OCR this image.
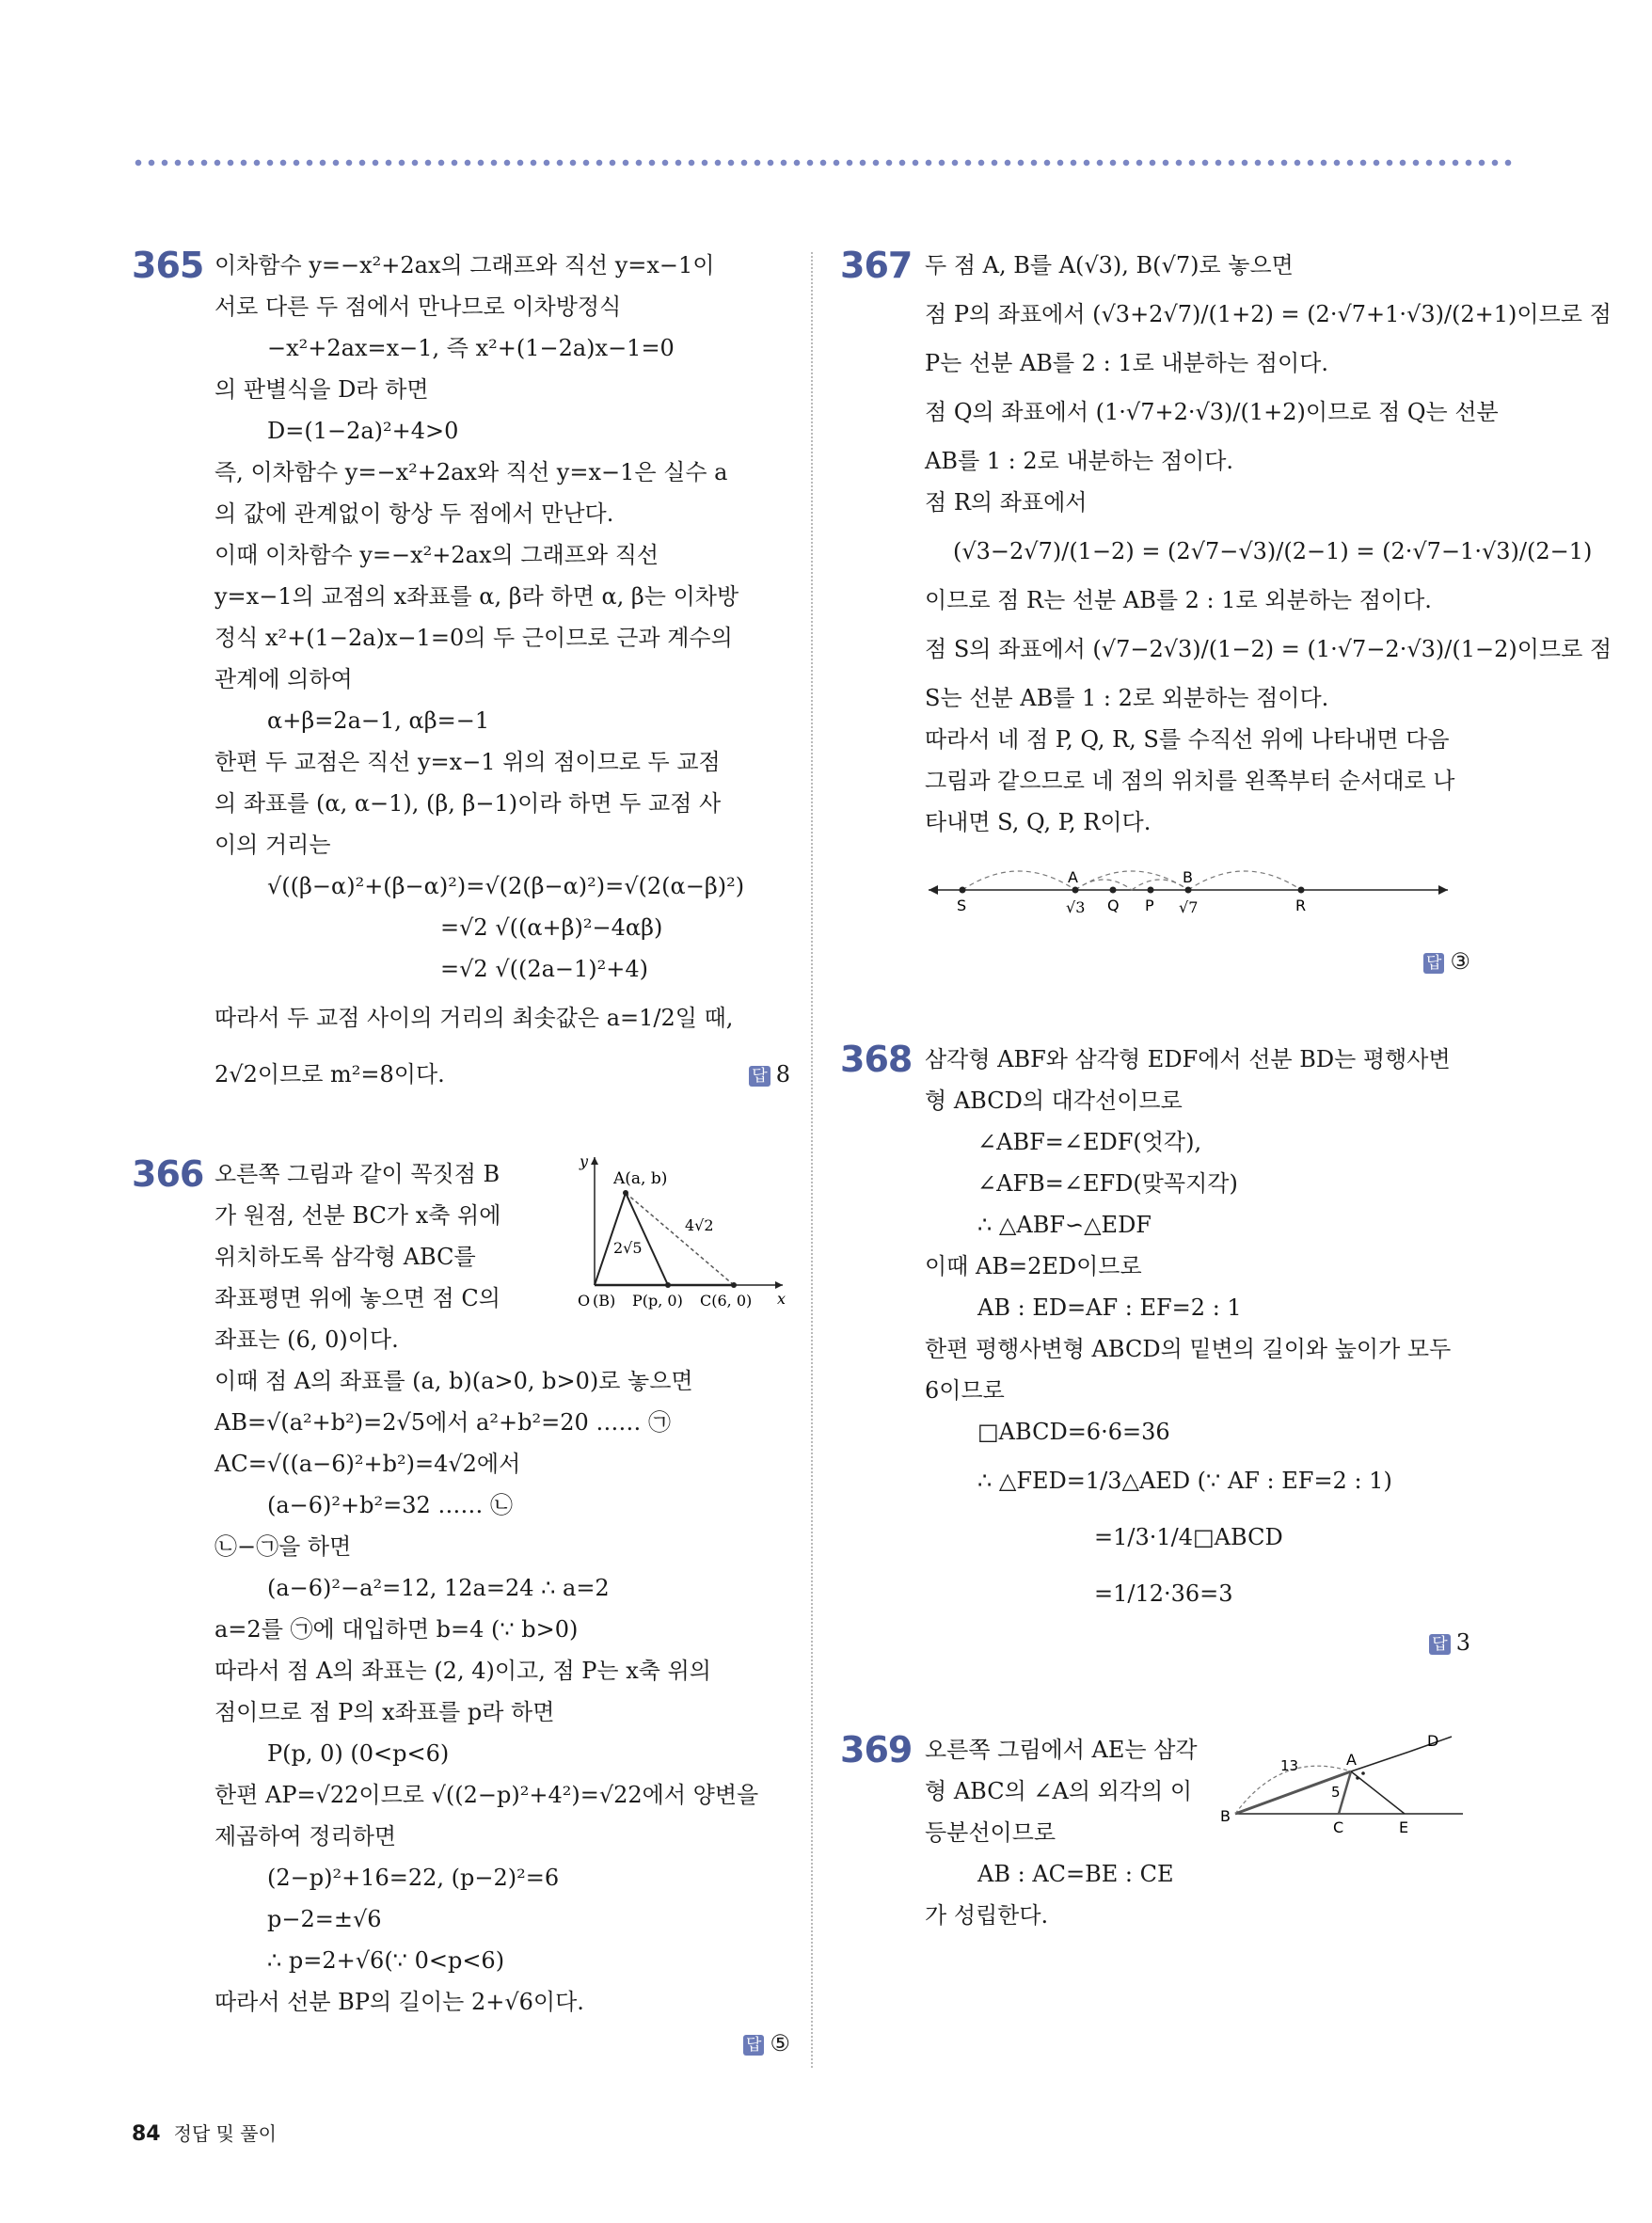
365 이차함수 y=−x²+2ax의 그래프와 직선 y=x−1이
서로 다른 두 점에서 만나므로 이차방정식
−x²+2ax=x−1, 즉 x²+(1−2a)x−1=0
의 판별식을 D라 하면
D=(1−2a)²+4>0
즉, 이차함수 y=−x²+2ax와 직선 y=x−1은 실수 a
의 값에 관계없이 항상 두 점에서 만난다.
이때 이차함수 y=−x²+2ax의 그래프와 직선
y=x−1의 교점의 x좌표를 α, β라 하면 α, β는 이차방
정식 x²+(1−2a)x−1=0의 두 근이므로 근과 계수의
관계에 의하여
α+β=2a−1, αβ=−1
한편 두 교점은 직선 y=x−1 위의 점이므로 두 교점
의 좌표를 (α, α−1), (β, β−1)이라 하면 두 교점 사
이의 거리는
√((β−α)²+(β−α)²)=√(2(β−α)²)=√(2(α−β)²)
=√2 √((α+β)²−4αβ)
=√2 √((2a−1)²+4)
따라서 두 교점 사이의 거리의 최솟값은 a=1/2일 때,
2√2이므로 m²=8이다.	답 8
366	y
x
A(a, b)
4√2
2√5
O (B) P(p, 0) C(6, 0)
오른쪽 그림과 같이 꼭짓점 B
가 원점, 선분 BC가 x축 위에
위치하도록 삼각형 ABC를
좌표평면 위에 놓으면 점 C의
좌표는 (6, 0)이다.
이때 점 A의 좌표를 (a, b)(a>0, b>0)로 놓으면
AB=√(a²+b²)=2√5에서 a²+b²=20 …… ㉠
AC=√((a−6)²+b²)=4√2에서
(a−6)²+b²=32 …… ㉡
㉡−㉠을 하면
(a−6)²−a²=12, 12a=24 ∴ a=2
a=2를 ㉠에 대입하면 b=4 (∵ b>0)
따라서 점 A의 좌표는 (2, 4)이고, 점 P는 x축 위의
점이므로 점 P의 x좌표를 p라 하면
P(p, 0) (0<p<6)
한편 AP=√22이므로 √((2−p)²+4²)=√22에서 양변을
제곱하여 정리하면
(2−p)²+16=22, (p−2)²=6
p−2=±√6
∴ p=2+√6(∵ 0<p<6)
따라서 선분 BP의 길이는 2+√6이다.
답 ⑤
367 두 점 A, B를 A(√3), B(√7)로 놓으면
점 P의 좌표에서 (√3+2√7)/(1+2) = (2·√7+1·√3)/(2+1)이므로 점
P는 선분 AB를 2 : 1로 내분하는 점이다.
점 Q의 좌표에서 (1·√7+2·√3)/(1+2)이므로 점 Q는 선분
AB를 1 : 2로 내분하는 점이다.
점 R의 좌표에서
(√3−2√7)/(1−2) = (2√7−√3)/(2−1) = (2·√7−1·√3)/(2−1)
이므로 점 R는 선분 AB를 2 : 1로 외분하는 점이다.
점 S의 좌표에서 (√7−2√3)/(1−2) = (1·√7−2·√3)/(1−2)이므로 점
S는 선분 AB를 1 : 2로 외분하는 점이다.
따라서 네 점 P, Q, R, S를 수직선 위에 나타내면 다음
그림과 같으므로 네 점의 위치를 왼쪽부터 순서대로 나
타내면 S, Q, P, R이다.
S
A
√3 Q P
B
√7	R
답 ③
368 삼각형 ABF와 삼각형 EDF에서 선분 BD는 평행사변
형 ABCD의 대각선이므로
∠ABF=∠EDF(엇각),
∠AFB=∠EFD(맞꼭지각)
∴ △ABF∽△EDF
이때 AB=2ED이므로
AB : ED=AF : EF=2 : 1
한편 평행사변형 ABCD의 밑변의 길이와 높이가 모두
6이므로
□ABCD=6·6=36
∴ △FED=1/3△AED (∵ AF : EF=2 : 1)
=1/3·1/4□ABCD
=1/12·36=3
답 3
369	A
B
C
D
E
13
5
오른쪽 그림에서 AE는 삼각
형 ABC의 ∠A의 외각의 이
등분선이므로
AB : AC=BE : CE
가 성립한다.
84 정답 및 풀이
